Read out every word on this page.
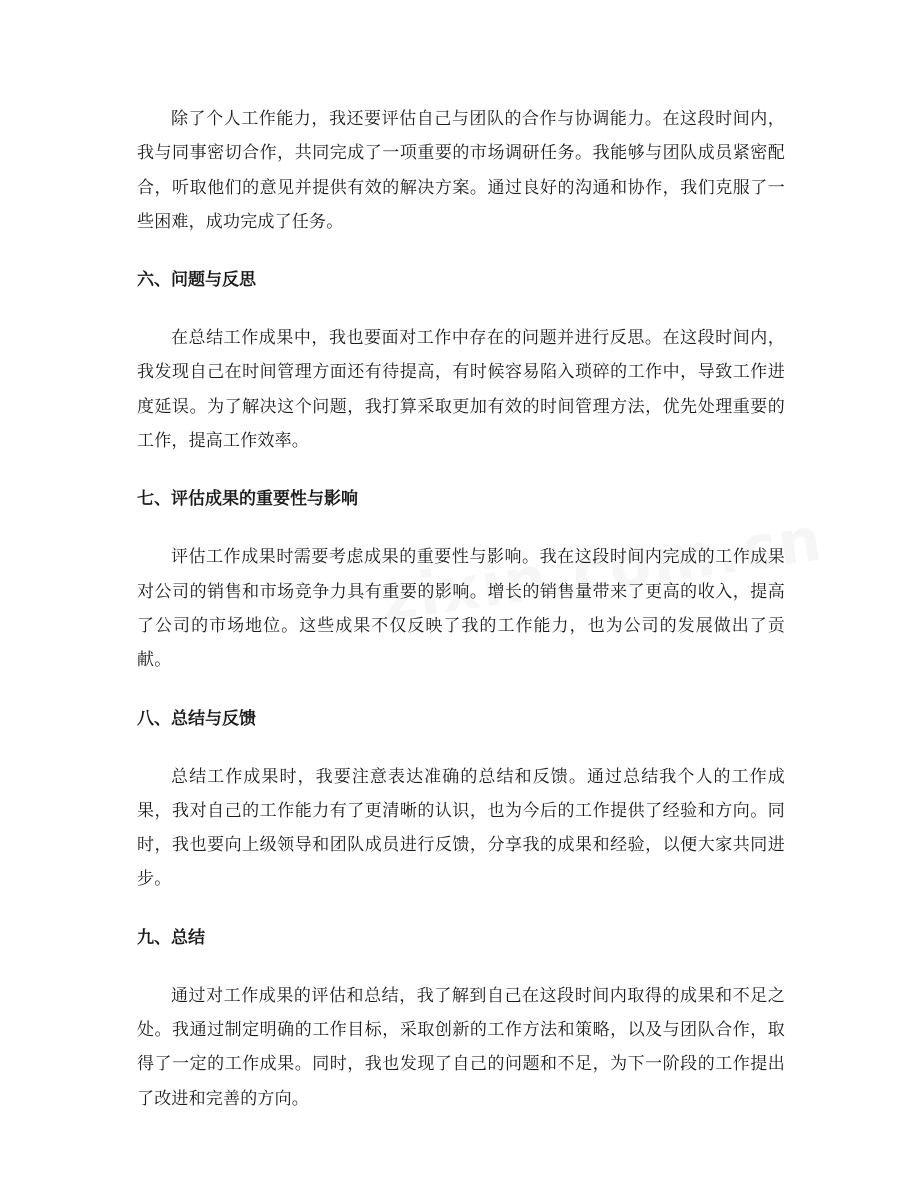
除了个人工作能力，我还要评估自己与团队的合作与协调能力。在这段时间内，我与同事密切合作，共同完成了一项重要的市场调研任务。我能够与团队成员紧密配合，听取他们的意见并提供有效的解决方案。通过良好的沟通和协作，我们克服了一些困难，成功完成了任务。

六、问题与反思

在总结工作成果中，我也要面对工作中存在的问题并进行反思。在这段时间内，我发现自己在时间管理方面还有待提高，有时候容易陷入琐碎的工作中，导致工作进度延误。为了解决这个问题，我打算采取更加有效的时间管理方法，优先处理重要的工作，提高工作效率。

七、评估成果的重要性与影响

评估工作成果时需要考虑成果的重要性与影响。我在这段时间内完成的工作成果对公司的销售和市场竞争力具有重要的影响。增长的销售量带来了更高的收入，提高了公司的市场地位。这些成果不仅反映了我的工作能力，也为公司的发展做出了贡献。

八、总结与反馈

总结工作成果时，我要注意表达准确的总结和反馈。通过总结我个人的工作成果，我对自己的工作能力有了更清晰的认识，也为今后的工作提供了经验和方向。同时，我也要向上级领导和团队成员进行反馈，分享我的成果和经验，以便大家共同进步。

九、总结

通过对工作成果的评估和总结，我了解到自己在这段时间内取得的成果和不足之处。我通过制定明确的工作目标，采取创新的工作方法和策略，以及与团队合作，取得了一定的工作成果。同时，我也发现了自己的问题和不足，为下一阶段的工作提出了改进和完善的方向。
